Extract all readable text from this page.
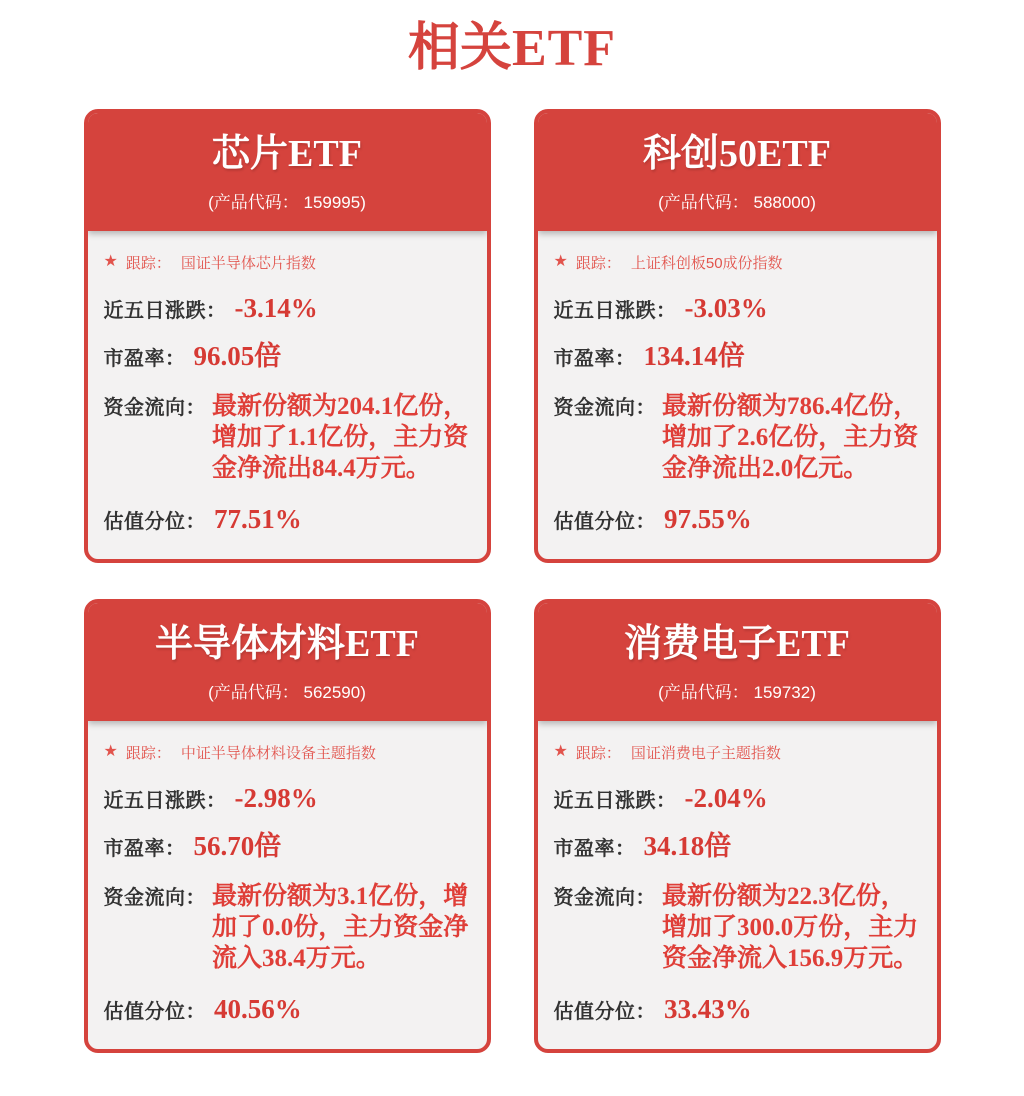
相关ETF
芯片ETF
(产品代码： 159995)
★ 跟踪： 国证半导体芯片指数
近五日涨跌： -3.14%
市盈率： 96.05倍
资金流向： 最新份额为204.1亿份，增加了1.1亿份，主力资金净流出84.4万元。
估值分位： 77.51%
科创50ETF
(产品代码： 588000)
★ 跟踪： 上证科创板50成份指数
近五日涨跌： -3.03%
市盈率： 134.14倍
资金流向： 最新份额为786.4亿份，增加了2.6亿份，主力资金净流出2.0亿元。
估值分位： 97.55%
半导体材料ETF
(产品代码： 562590)
★ 跟踪： 中证半导体材料设备主题指数
近五日涨跌： -2.98%
市盈率： 56.70倍
资金流向： 最新份额为3.1亿份，增加了0.0份，主力资金净流入38.4万元。
估值分位： 40.56%
消费电子ETF
(产品代码： 159732)
★ 跟踪： 国证消费电子主题指数
近五日涨跌： -2.04%
市盈率： 34.18倍
资金流向： 最新份额为22.3亿份，增加了300.0万份，主力资金净流入156.9万元。
估值分位： 33.43%
